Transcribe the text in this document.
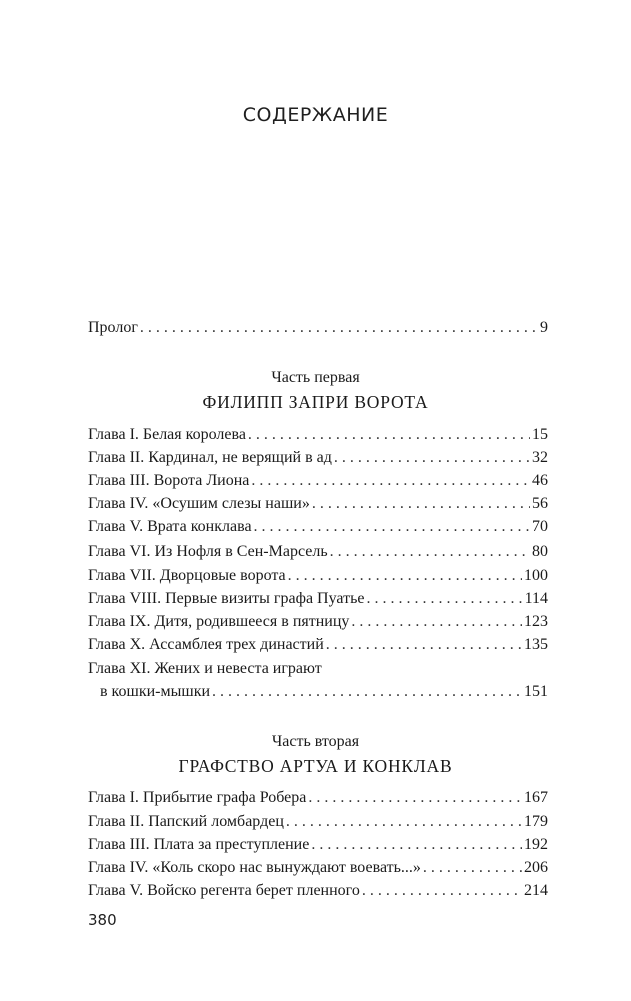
СОДЕРЖАНИЕ
Пролог . . .	9
Часть первая
ФИЛИПП ЗАПРИ ВОРОТА
Глава I. Белая королева . . .	15
Глава II. Кардинал, не верящий в ад . . .	32
Глава III. Ворота Лиона . . .	46
Глава IV. «Осушим слезы наши» . . .	56
Глава V. Врата конклава . . .	70
Глава VI. Из Нофля в Сен-Марсель . . .	80
Глава VII. Дворцовые ворота . . .	100
Глава VIII. Первые визиты графа Пуатье . . .	114
Глава IX. Дитя, родившееся в пятницу . . .	123
Глава X. Ассамблея трех династий . . .	135
Глава XI. Жених и невеста играют
в кошки-мышки . . .	151
Часть вторая
ГРАФСТВО АРТУА И КОНКЛАВ
Глава I. Прибытие графа Робера . . .	167
Глава II. Папский ломбардец . . .	179
Глава III. Плата за преступление . . .	192
Глава IV. «Коль скоро нас вынуждают воевать...» . . .	206
Глава V. Войско регента берет пленного . . .	214
380
